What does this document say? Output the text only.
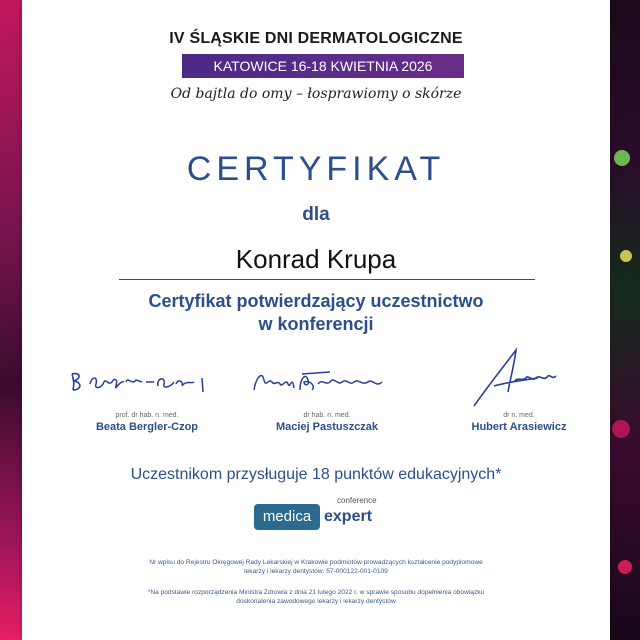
IV ŚLĄSKIE DNI DERMATOLOGICZNE
KATOWICE 16-18 KWIETNIA 2026
Od bajtla do omy – łosprawiomy o skórze
CERTYFIKAT
dla
Konrad Krupa
Certyfikat potwierdzający uczestnictwo
w konferencji
prof. dr hab. n. med.
Beata Bergler-Czop
dr hab. n. med.
Maciej Pastuszczak
dr n. med.
Hubert Arasiewicz
Uczestnikom przysługuje 18 punktów edukacyjnych*
conference
medica expert
Nr wpisu do Rejestru Okręgowej Rady Lekarskiej w Krakowie podmiotów prowadzących kształcenie podyplomowe
lekarzy i lekarzy dentystów: 57-000122-001-0109
*Na podstawie rozporządzenia Ministra Zdrowia z dnia 21 lutego 2022 r. w sprawie sposobu dopełnienia obowiązku
doskonalenia zawodowego lekarzy i lekarzy dentystów
